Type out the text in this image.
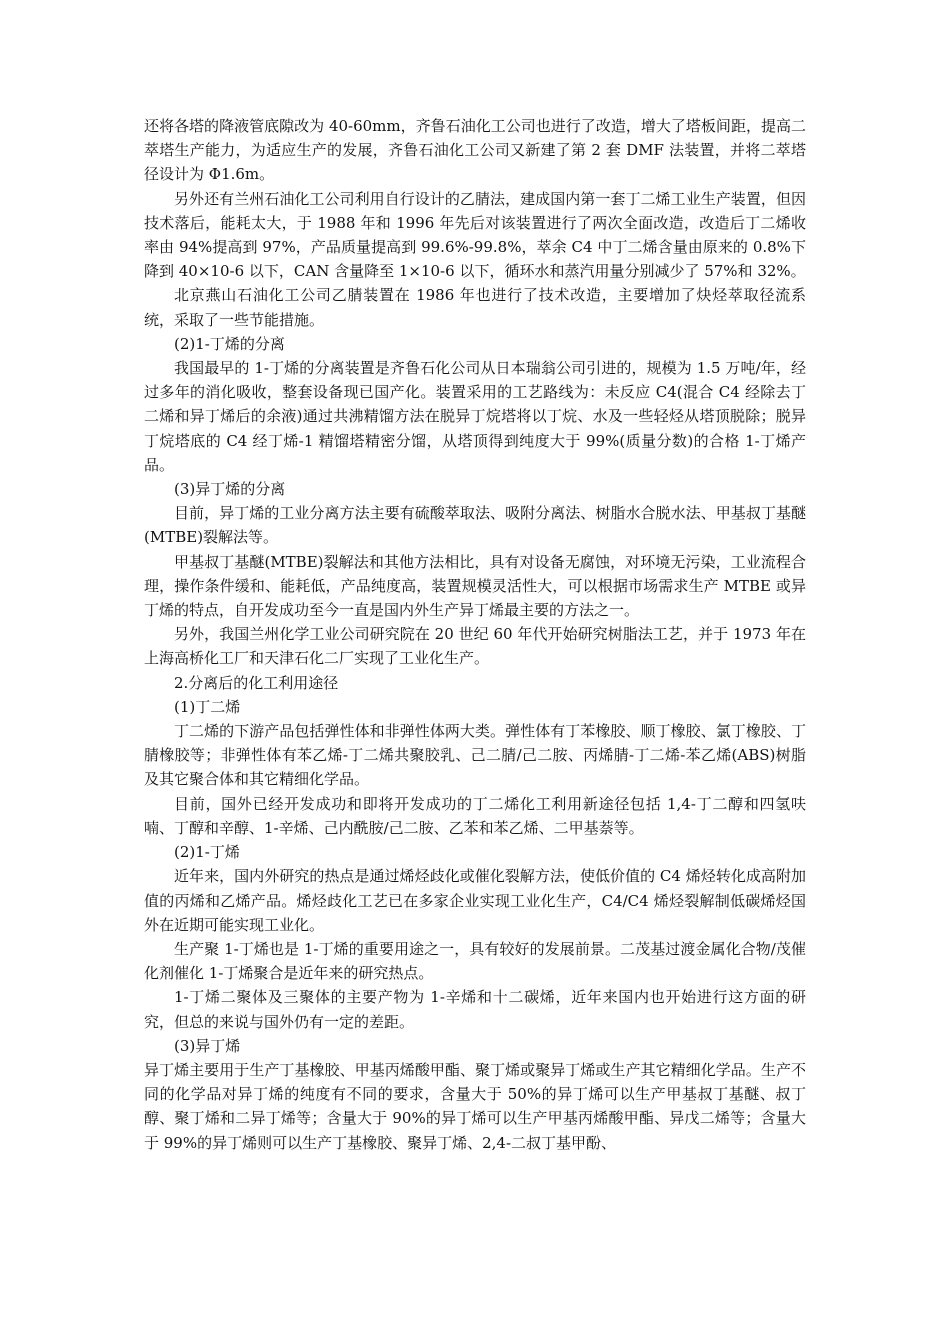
还将各塔的降液管底隙改为 40-60mm，齐鲁石油化工公司也进行了改造，增大了塔板间距，提高二萃塔生产能力，为适应生产的发展，齐鲁石油化工公司又新建了第 2 套 DMF 法装置，并将二萃塔径设计为 Φ1.6m。

另外还有兰州石油化工公司利用自行设计的乙腈法，建成国内第一套丁二烯工业生产装置，但因技术落后，能耗太大，于 1988 年和 1996 年先后对该装置进行了两次全面改造，改造后丁二烯收率由 94%提高到 97%，产品质量提高到 99.6%-99.8%，萃余 C4 中丁二烯含量由原来的 0.8%下降到 40×10-6 以下，CAN 含量降至 1×10-6 以下，循环水和蒸汽用量分别减少了 57%和 32%。

北京燕山石油化工公司乙腈装置在 1986 年也进行了技术改造，主要增加了炔烃萃取径流系统，采取了一些节能措施。

(2)1-丁烯的分离

我国最早的 1-丁烯的分离装置是齐鲁石化公司从日本瑞翁公司引进的，规模为 1.5 万吨/年，经过多年的消化吸收，整套设备现已国产化。装置采用的工艺路线为：未反应 C4(混合 C4 经除去丁二烯和异丁烯后的余液)通过共沸精馏方法在脱异丁烷塔将以丁烷、水及一些轻烃从塔顶脱除；脱异丁烷塔底的 C4 经丁烯-1 精馏塔精密分馏，从塔顶得到纯度大于 99%(质量分数)的合格 1-丁烯产品。

(3)异丁烯的分离

目前，异丁烯的工业分离方法主要有硫酸萃取法、吸附分离法、树脂水合脱水法、甲基叔丁基醚(MTBE)裂解法等。

甲基叔丁基醚(MTBE)裂解法和其他方法相比，具有对设备无腐蚀，对环境无污染，工业流程合理，操作条件缓和、能耗低，产品纯度高，装置规模灵活性大，可以根据市场需求生产 MTBE 或异丁烯的特点，自开发成功至今一直是国内外生产异丁烯最主要的方法之一。

另外，我国兰州化学工业公司研究院在 20 世纪 60 年代开始研究树脂法工艺，并于 1973 年在上海高桥化工厂和天津石化二厂实现了工业化生产。

2.分离后的化工利用途径

(1)丁二烯

丁二烯的下游产品包括弹性体和非弹性体两大类。弹性体有丁苯橡胶、顺丁橡胶、氯丁橡胶、丁腈橡胶等；非弹性体有苯乙烯-丁二烯共聚胶乳、己二腈/己二胺、丙烯腈-丁二烯-苯乙烯(ABS)树脂及其它聚合体和其它精细化学品。

目前，国外已经开发成功和即将开发成功的丁二烯化工利用新途径包括 1,4-丁二醇和四氢呋喃、丁醇和辛醇、1-辛烯、己内酰胺/己二胺、乙苯和苯乙烯、二甲基萘等。

(2)1-丁烯

近年来，国内外研究的热点是通过烯烃歧化或催化裂解方法，使低价值的 C4 烯烃转化成高附加值的丙烯和乙烯产品。烯烃歧化工艺已在多家企业实现工业化生产，C4/C4 烯烃裂解制低碳烯烃国外在近期可能实现工业化。

生产聚 1-丁烯也是 1-丁烯的重要用途之一，具有较好的发展前景。二茂基过渡金属化合物/茂催化剂催化 1-丁烯聚合是近年来的研究热点。

1-丁烯二聚体及三聚体的主要产物为 1-辛烯和十二碳烯，近年来国内也开始进行这方面的研究，但总的来说与国外仍有一定的差距。

(3)异丁烯

异丁烯主要用于生产丁基橡胶、甲基丙烯酸甲酯、聚丁烯或聚异丁烯或生产其它精细化学品。生产不同的化学品对异丁烯的纯度有不同的要求，含量大于 50%的异丁烯可以生产甲基叔丁基醚、叔丁醇、聚丁烯和二异丁烯等；含量大于 90%的异丁烯可以生产甲基丙烯酸甲酯、异戊二烯等；含量大于 99%的异丁烯则可以生产丁基橡胶、聚异丁烯、2,4-二叔丁基甲酚、
